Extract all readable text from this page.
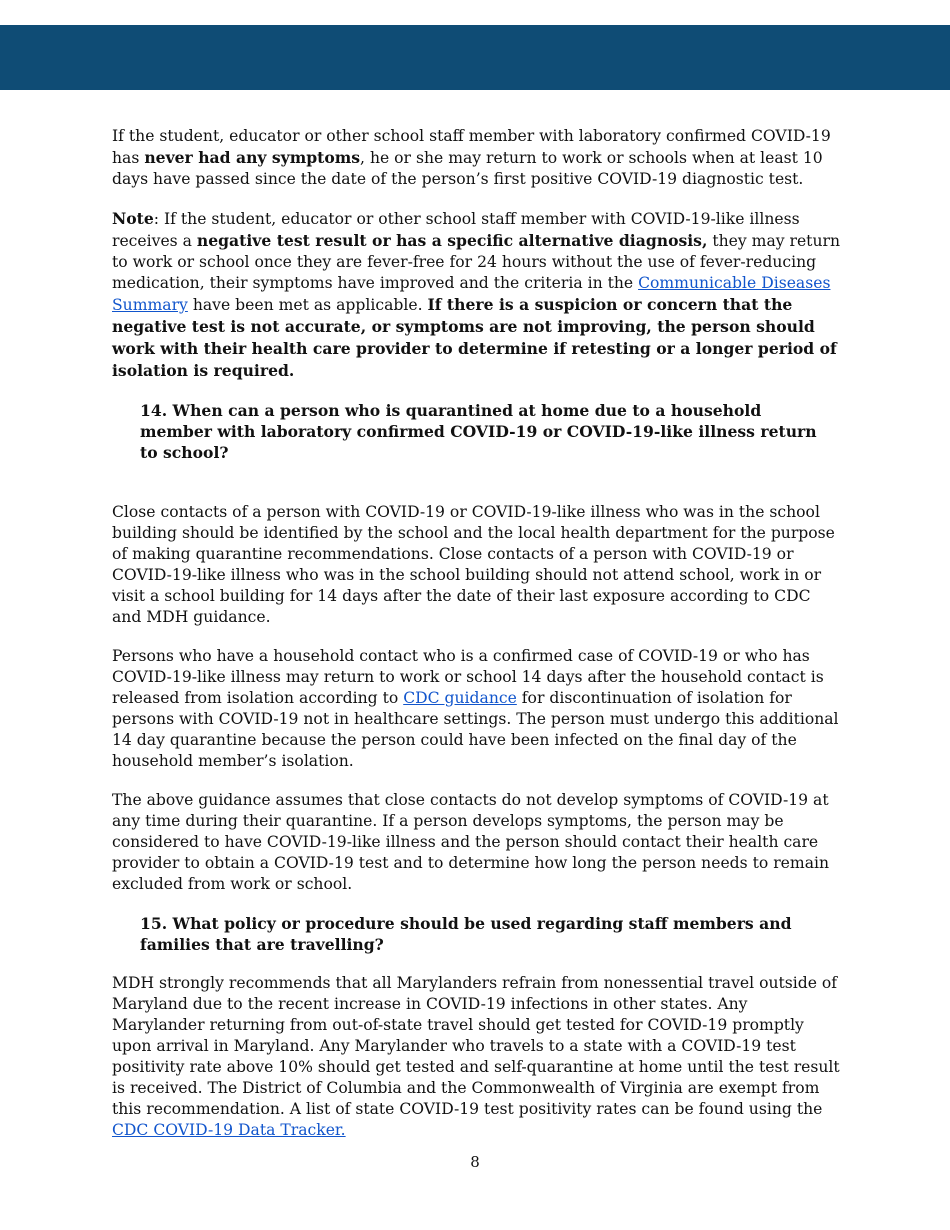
If the student, educator or other school staff member with laboratory confirmed COVID-19 has never had any symptoms, he or she may return to work or schools when at least 10 days have passed since the date of the person’s first positive COVID-19 diagnostic test.

Note: If the student, educator or other school staff member with COVID-19-like illness receives a negative test result or has a specific alternative diagnosis, they may return to work or school once they are fever-free for 24 hours without the use of fever-reducing medication, their symptoms have improved and the criteria in the Communicable Diseases Summary have been met as applicable. If there is a suspicion or concern that the negative test is not accurate, or symptoms are not improving, the person should work with their health care provider to determine if retesting or a longer period of isolation is required.

14. When can a person who is quarantined at home due to a household member with laboratory confirmed COVID-19 or COVID-19-like illness return to school?

Close contacts of a person with COVID-19 or COVID-19-like illness who was in the school building should be identified by the school and the local health department for the purpose of making quarantine recommendations. Close contacts of a person with COVID-19 or COVID-19-like illness who was in the school building should not attend school, work in or visit a school building for 14 days after the date of their last exposure according to CDC and MDH guidance.

Persons who have a household contact who is a confirmed case of COVID-19 or who has COVID-19-like illness may return to work or school 14 days after the household contact is released from isolation according to CDC guidance for discontinuation of isolation for persons with COVID-19 not in healthcare settings. The person must undergo this additional 14 day quarantine because the person could have been infected on the final day of the household member’s isolation.

The above guidance assumes that close contacts do not develop symptoms of COVID-19 at any time during their quarantine. If a person develops symptoms, the person may be considered to have COVID-19-like illness and the person should contact their health care provider to obtain a COVID-19 test and to determine how long the person needs to remain excluded from work or school.

15. What policy or procedure should be used regarding staff members and families that are travelling?

MDH strongly recommends that all Marylanders refrain from nonessential travel outside of Maryland due to the recent increase in COVID-19 infections in other states. Any Marylander returning from out-of-state travel should get tested for COVID-19 promptly upon arrival in Maryland. Any Marylander who travels to a state with a COVID-19 test positivity rate above 10% should get tested and self-quarantine at home until the test result is received. The District of Columbia and the Commonwealth of Virginia are exempt from this recommendation. A list of state COVID-19 test positivity rates can be found using the CDC COVID-19 Data Tracker.

8
